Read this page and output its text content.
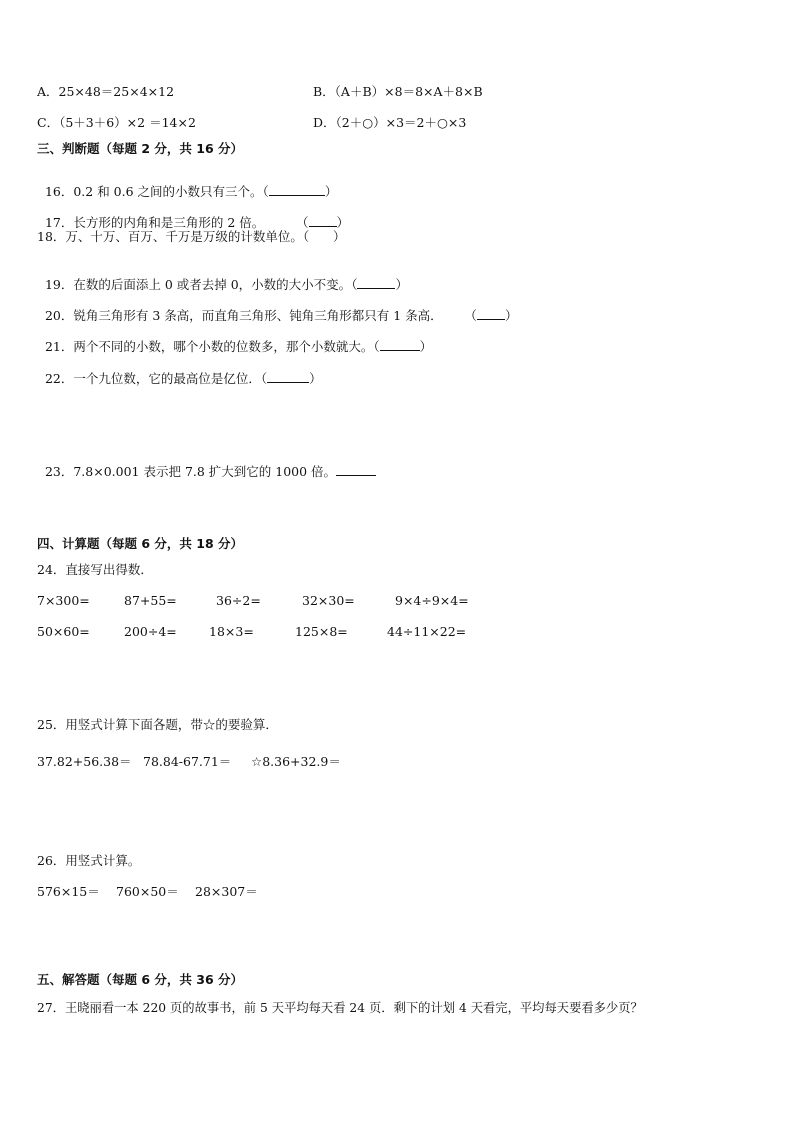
A．25×48＝25×4×12	B．（A＋B）×8＝8×A＋8×B
C．（5＋3＋6）×2 ＝14×2	D．（2＋○）×3＝2＋○×3
三、判断题（每题 2 分，共 16 分）

16．0.2 和 0.6 之间的小数只有三个。（	）

17．长方形的内角和是三角形的 2 倍。	（ ）

18．万、十万、百万、千万是万级的计数单位。（      ）

19．在数的后面添上 0 或者去掉 0，小数的大小不变。（	）

20．锐角三角形有 3 条高，而直角三角形、钝角三角形都只有 1 条高． （ ）

21．两个不同的小数，哪个小数的位数多，那个小数就大。（	）

22．一个九位数，它的最高位是亿位．（	）

23．7.8×0.001 表示把 7.8 扩大到它的 1000 倍。

四、计算题（每题 6 分，共 18 分）
24．直接写出得数．
7×300=	87+55=	36÷2=	32×30=	9×4÷9×4=
50×60=	200÷4=	18×3=	125×8=	44÷11×22=
25．用竖式计算下面各题，带☆的要验算．
37.82+56.38＝ 78.84-67.71＝ ☆8.36+32.9＝
26．用竖式计算。
576×15＝ 760×50＝ 28×307＝
五、解答题（每题 6 分，共 36 分）
27．王晓丽看一本 220 页的故事书，前 5 天平均每天看 24 页．剩下的计划 4 天看完，平均每天要看多少页？
